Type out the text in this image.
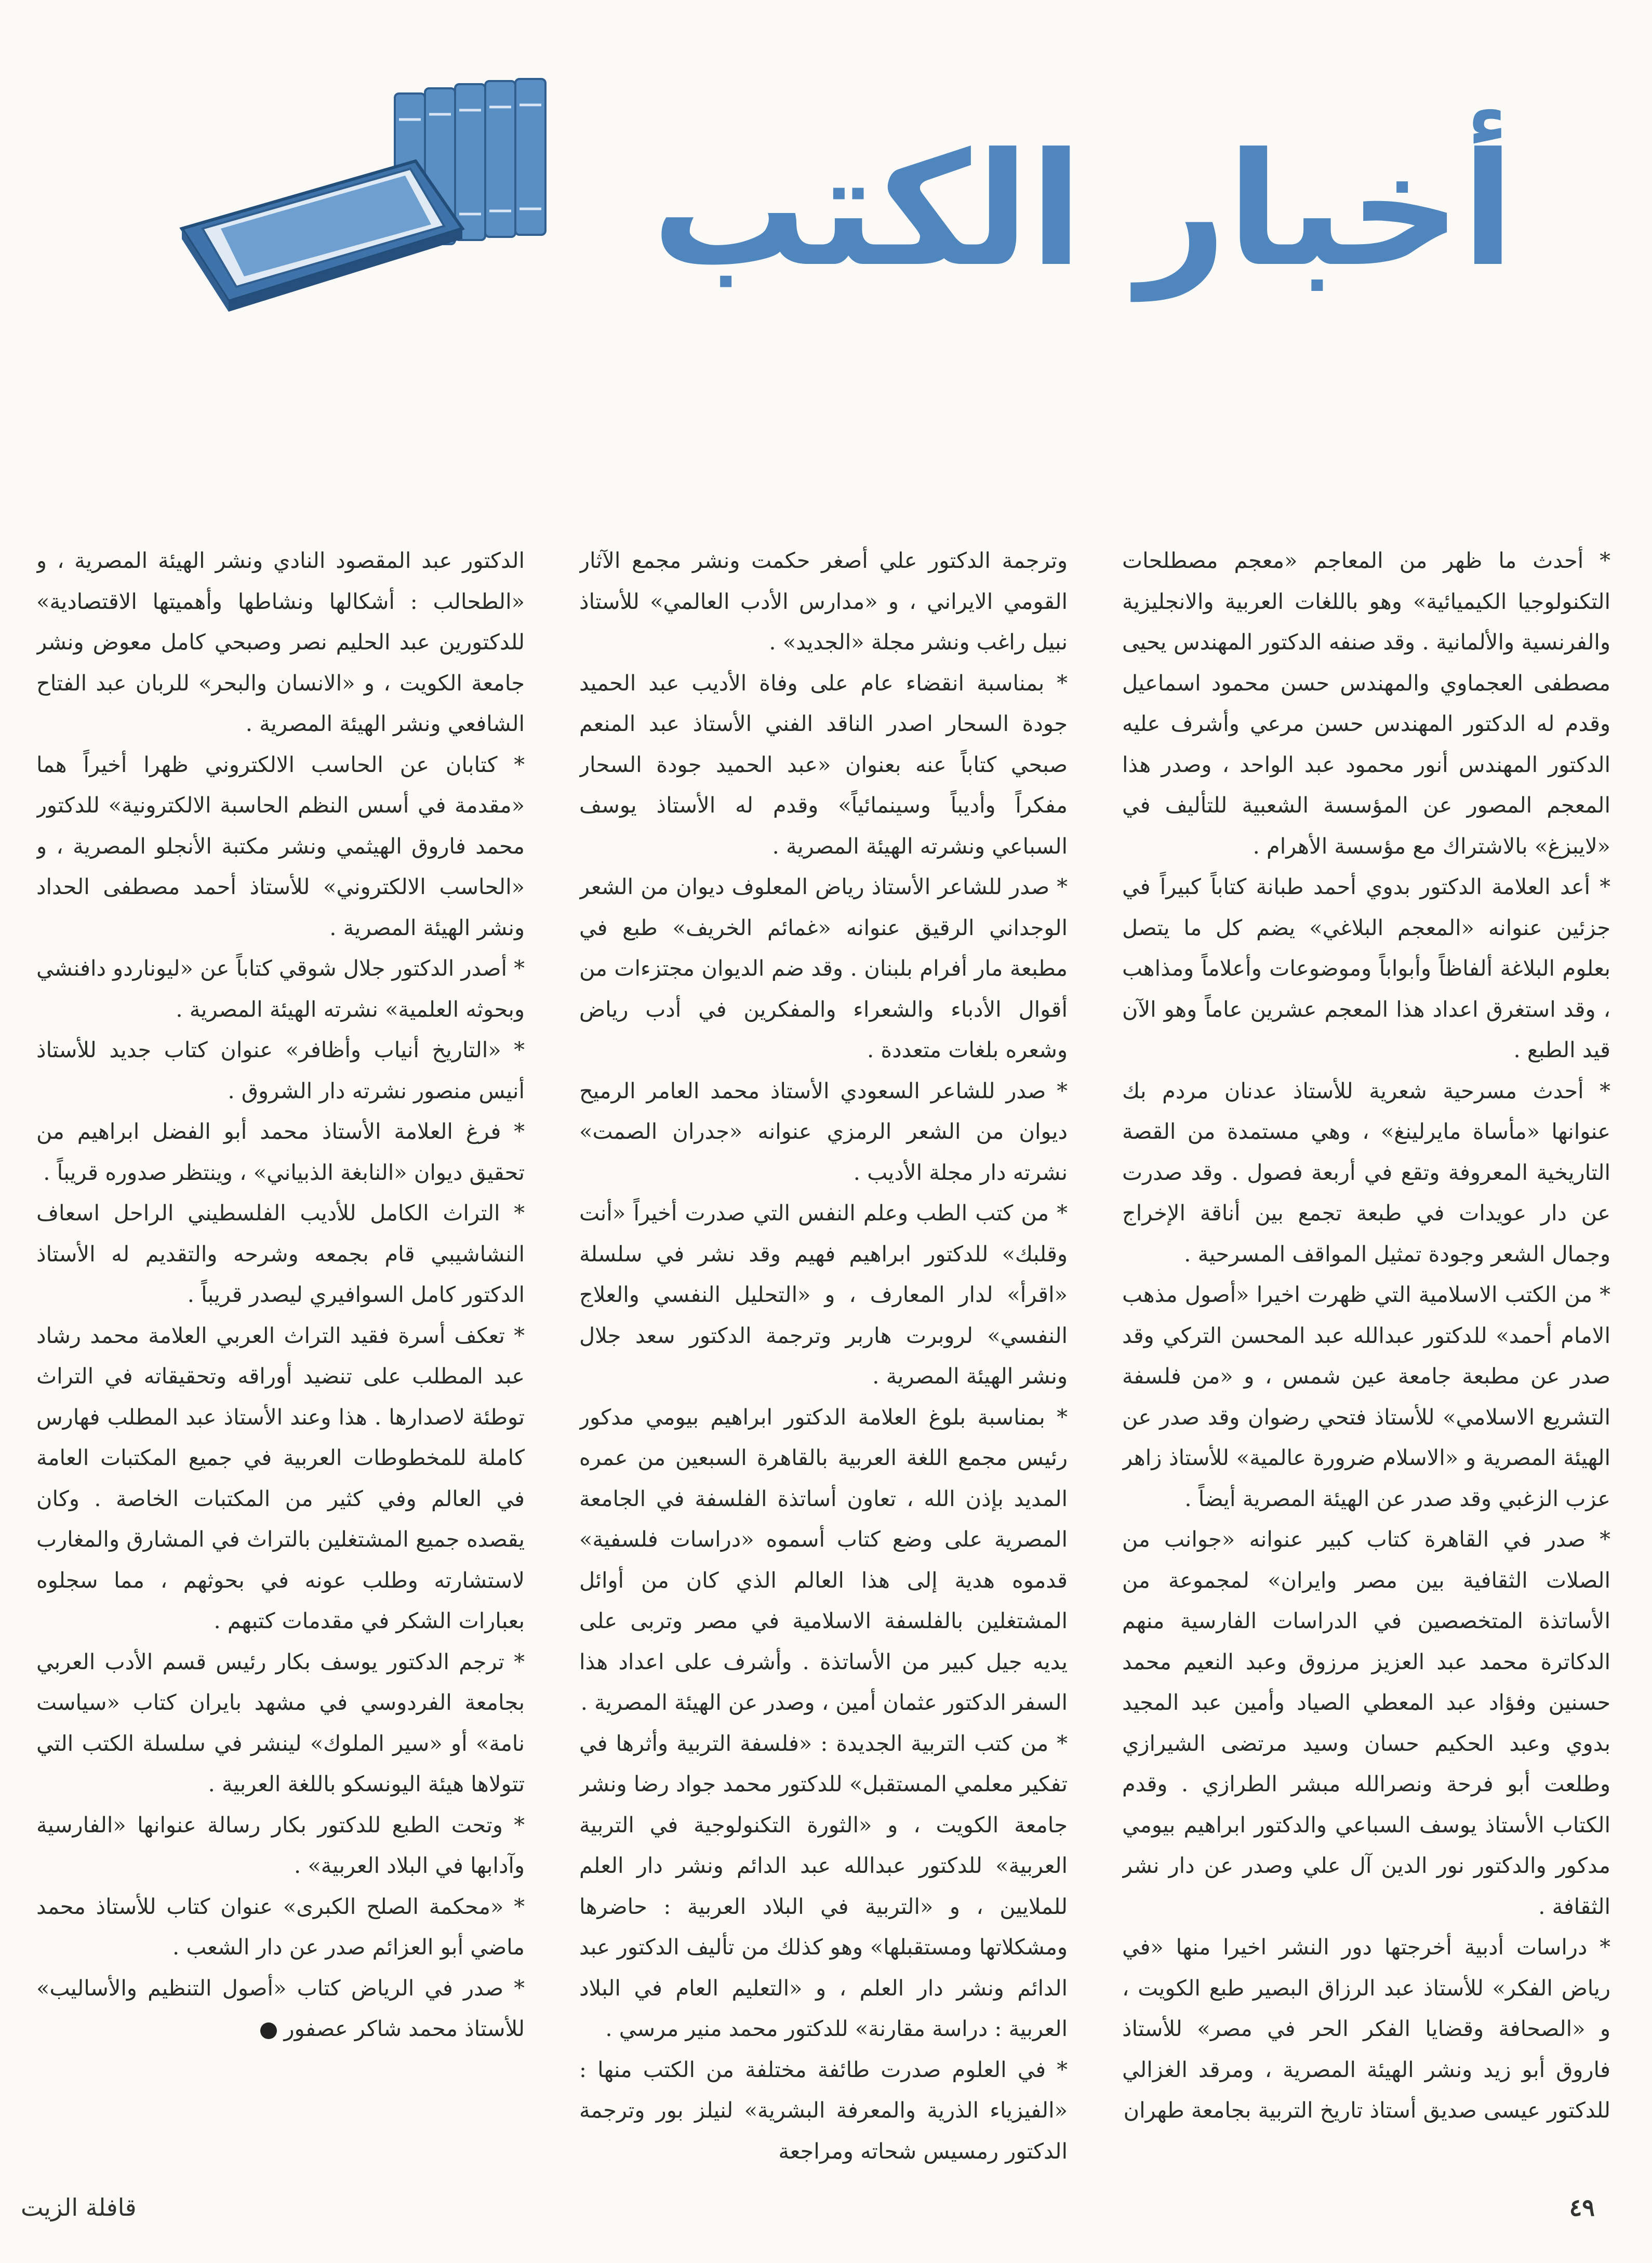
أخبار الكتب

* أحدث ما ظهر من المعاجم «معجم مصطلحات التكنولوجيا الكيميائية» وهو باللغات العربية والانجليزية والفرنسية والألمانية . وقد صنفه الدكتور المهندس يحيى مصطفى العجماوي والمهندس حسن محمود اسماعيل وقدم له الدكتور المهندس حسن مرعي وأشرف عليه الدكتور المهندس أنور محمود عبد الواحد ، وصدر هذا المعجم المصور عن المؤسسة الشعبية للتأليف في «لايبزغ» بالاشتراك مع مؤسسة الأهرام .

* أعد العلامة الدكتور بدوي أحمد طبانة كتاباً كبيراً في جزئين عنوانه «المعجم البلاغي» يضم كل ما يتصل بعلوم البلاغة ألفاظاً وأبواباً وموضوعات وأعلاماً ومذاهب ، وقد استغرق اعداد هذا المعجم عشرين عاماً وهو الآن قيد الطبع .

* أحدث مسرحية شعرية للأستاذ عدنان مردم بك عنوانها «مأساة مايرلينغ» ، وهي مستمدة من القصة التاريخية المعروفة وتقع في أربعة فصول . وقد صدرت عن دار عويدات في طبعة تجمع بين أناقة الإخراج وجمال الشعر وجودة تمثيل المواقف المسرحية .

* من الكتب الاسلامية التي ظهرت اخيرا «أصول مذهب الامام أحمد» للدكتور عبدالله عبد المحسن التركي وقد صدر عن مطبعة جامعة عين شمس ، و «من فلسفة التشريع الاسلامي» للأستاذ فتحي رضوان وقد صدر عن الهيئة المصرية و «الاسلام ضرورة عالمية» للأستاذ زاهر عزب الزغبي وقد صدر عن الهيئة المصرية أيضاً .

* صدر في القاهرة كتاب كبير عنوانه «جوانب من الصلات الثقافية بين مصر وايران» لمجموعة من الأساتذة المتخصصين في الدراسات الفارسية منهم الدكاترة محمد عبد العزيز مرزوق وعبد النعيم محمد حسنين وفؤاد عبد المعطي الصياد وأمين عبد المجيد بدوي وعبد الحكيم حسان وسيد مرتضى الشيرازي وطلعت أبو فرحة ونصرالله مبشر الطرازي . وقدم الكتاب الأستاذ يوسف السباعي والدكتور ابراهيم بيومي مدكور والدكتور نور الدين آل علي وصدر عن دار نشر الثقافة .

* دراسات أدبية أخرجتها دور النشر اخيرا منها «في رياض الفكر» للأستاذ عبد الرزاق البصير طبع الكويت ، و «الصحافة وقضايا الفكر الحر في مصر» للأستاذ فاروق أبو زيد ونشر الهيئة المصرية ، ومرقد الغزالي للدكتور عيسى صديق أستاذ تاريخ التربية بجامعة طهران

وترجمة الدكتور علي أصغر حكمت ونشر مجمع الآثار القومي الايراني ، و «مدارس الأدب العالمي» للأستاذ نبيل راغب ونشر مجلة «الجديد» .

* بمناسبة انقضاء عام على وفاة الأديب عبد الحميد جودة السحار اصدر الناقد الفني الأستاذ عبد المنعم صبحي كتاباً عنه بعنوان «عبد الحميد جودة السحار مفكراً وأديباً وسينمائياً» وقدم له الأستاذ يوسف السباعي ونشرته الهيئة المصرية .

* صدر للشاعر الأستاذ رياض المعلوف ديوان من الشعر الوجداني الرقيق عنوانه «غمائم الخريف» طبع في مطبعة مار أفرام بلبنان . وقد ضم الديوان مجتزءات من أقوال الأدباء والشعراء والمفكرين في أدب رياض وشعره بلغات متعددة .

* صدر للشاعر السعودي الأستاذ محمد العامر الرميح ديوان من الشعر الرمزي عنوانه «جدران الصمت» نشرته دار مجلة الأديب .

* من كتب الطب وعلم النفس التي صدرت أخيراً «أنت وقلبك» للدكتور ابراهيم فهيم وقد نشر في سلسلة «اقرأ» لدار المعارف ، و «التحليل النفسي والعلاج النفسي» لروبرت هاربر وترجمة الدكتور سعد جلال ونشر الهيئة المصرية .

* بمناسبة بلوغ العلامة الدكتور ابراهيم بيومي مدكور رئيس مجمع اللغة العربية بالقاهرة السبعين من عمره المديد بإذن الله ، تعاون أساتذة الفلسفة في الجامعة المصرية على وضع كتاب أسموه «دراسات فلسفية» قدموه هدية إلى هذا العالم الذي كان من أوائل المشتغلين بالفلسفة الاسلامية في مصر وتربى على يديه جيل كبير من الأساتذة . وأشرف على اعداد هذا السفر الدكتور عثمان أمين ، وصدر عن الهيئة المصرية .

* من كتب التربية الجديدة : «فلسفة التربية وأثرها في تفكير معلمي المستقبل» للدكتور محمد جواد رضا ونشر جامعة الكويت ، و «الثورة التكنولوجية في التربية العربية» للدكتور عبدالله عبد الدائم ونشر دار العلم للملايين ، و «التربية في البلاد العربية : حاضرها ومشكلاتها ومستقبلها» وهو كذلك من تأليف الدكتور عبد الدائم ونشر دار العلم ، و «التعليم العام في البلاد العربية : دراسة مقارنة» للدكتور محمد منير مرسي .

* في العلوم صدرت طائفة مختلفة من الكتب منها : «الفيزياء الذرية والمعرفة البشرية» لنيلز بور وترجمة الدكتور رمسيس شحاته ومراجعة

الدكتور عبد المقصود النادي ونشر الهيئة المصرية ، و «الطحالب : أشكالها ونشاطها وأهميتها الاقتصادية» للدكتورين عبد الحليم نصر وصبحي كامل معوض ونشر جامعة الكويت ، و «الانسان والبحر» للربان عبد الفتاح الشافعي ونشر الهيئة المصرية .

* كتابان عن الحاسب الالكتروني ظهرا أخيراً هما «مقدمة في أسس النظم الحاسبة الالكترونية» للدكتور محمد فاروق الهيثمي ونشر مكتبة الأنجلو المصرية ، و «الحاسب الالكتروني» للأستاذ أحمد مصطفى الحداد ونشر الهيئة المصرية .

* أصدر الدكتور جلال شوقي كتاباً عن «ليوناردو دافنشي وبحوثه العلمية» نشرته الهيئة المصرية .

* «التاريخ أنياب وأظافر» عنوان كتاب جديد للأستاذ أنيس منصور نشرته دار الشروق .

* فرغ العلامة الأستاذ محمد أبو الفضل ابراهيم من تحقيق ديوان «النابغة الذبياني» ، وينتظر صدوره قريباً .

* التراث الكامل للأديب الفلسطيني الراحل اسعاف النشاشيبي قام بجمعه وشرحه والتقديم له الأستاذ الدكتور كامل السوافيري ليصدر قريباً .

* تعكف أسرة فقيد التراث العربي العلامة محمد رشاد عبد المطلب على تنضيد أوراقه وتحقيقاته في التراث توطئة لاصدارها . هذا وعند الأستاذ عبد المطلب فهارس كاملة للمخطوطات العربية في جميع المكتبات العامة في العالم وفي كثير من المكتبات الخاصة . وكان يقصده جميع المشتغلين بالتراث في المشارق والمغارب لاستشارته وطلب عونه في بحوثهم ، مما سجلوه بعبارات الشكر في مقدمات كتبهم .

* ترجم الدكتور يوسف بكار رئيس قسم الأدب العربي بجامعة الفردوسي في مشهد بايران كتاب «سياست نامة» أو «سير الملوك» لينشر في سلسلة الكتب التي تتولاها هيئة اليونسكو باللغة العربية .

* وتحت الطبع للدكتور بكار رسالة عنوانها «الفارسية وآدابها في البلاد العربية» .

* «محكمة الصلح الكبرى» عنوان كتاب للأستاذ محمد ماضي أبو العزائم صدر عن دار الشعب .

* صدر في الرياض كتاب «أصول التنظيم والأساليب» للأستاذ محمد شاكر عصفور

٤٩
قافلة الزيت
